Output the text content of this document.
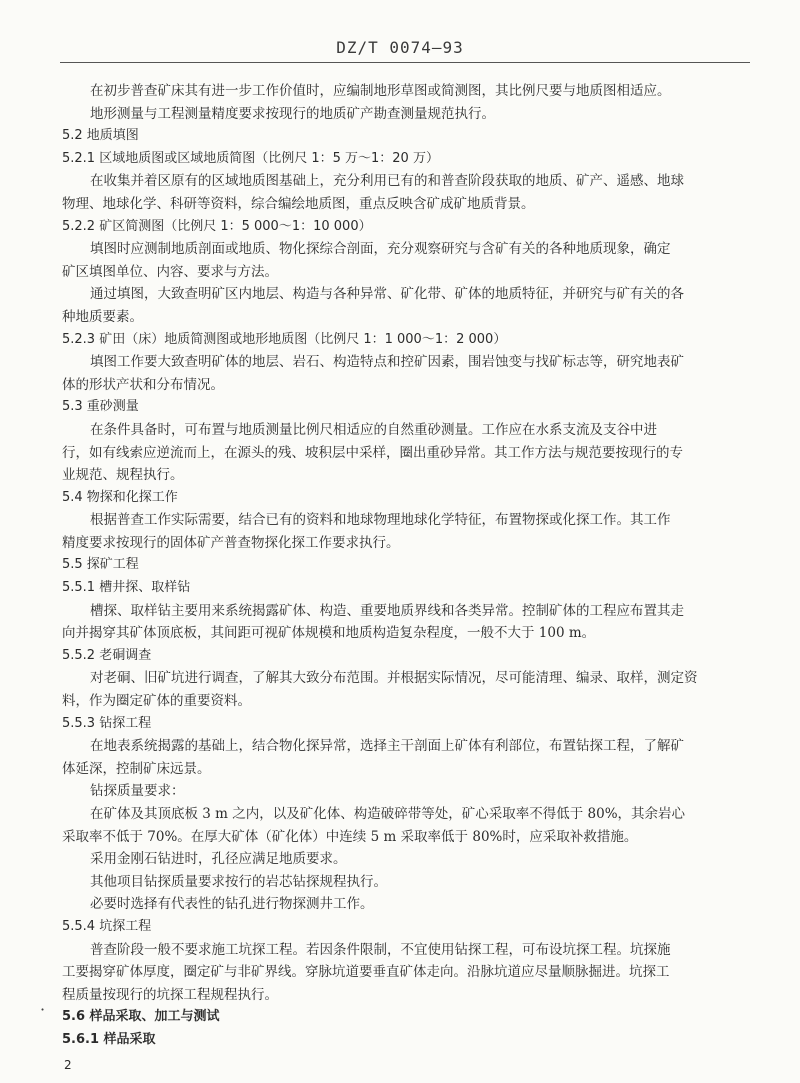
DZ/T 0074—93
在初步普查矿床其有进一步工作价值时，应编制地形草图或简测图，其比例尺要与地质图相适应。
地形测量与工程测量精度要求按现行的地质矿产勘查测量规范执行。
5.2 地质填图
5.2.1 区域地质图或区域地质简图（比例尺 1：5 万～1：20 万）
在收集并着区原有的区域地质图基础上，充分利用已有的和普查阶段获取的地质、矿产、遥感、地球
物理、地球化学、科研等资料，综合编绘地质图，重点反映含矿成矿地质背景。
5.2.2 矿区简测图（比例尺 1：5 000～1：10 000）
填图时应测制地质剖面或地质、物化探综合剖面，充分观察研究与含矿有关的各种地质现象，确定
矿区填图单位、内容、要求与方法。
通过填图，大致查明矿区内地层、构造与各种异常、矿化带、矿体的地质特征，并研究与矿有关的各
种地质要素。
5.2.3 矿田（床）地质简测图或地形地质图（比例尺 1：1 000～1：2 000）
填图工作要大致查明矿体的地层、岩石、构造特点和控矿因素，围岩蚀变与找矿标志等，研究地表矿
体的形状产状和分布情况。
5.3 重砂测量
在条件具备时，可布置与地质测量比例尺相适应的自然重砂测量。工作应在水系支流及支谷中进
行，如有线索应逆流而上，在源头的残、坡积层中采样，圈出重砂异常。其工作方法与规范要按现行的专
业规范、规程执行。
5.4 物探和化探工作
根据普查工作实际需要，结合已有的资料和地球物理地球化学特征，布置物探或化探工作。其工作
精度要求按现行的固体矿产普查物探化探工作要求执行。
5.5 探矿工程
5.5.1 槽井探、取样钻
槽探、取样钻主要用来系统揭露矿体、构造、重要地质界线和各类异常。控制矿体的工程应布置其走
向并揭穿其矿体顶底板，其间距可视矿体规模和地质构造复杂程度，一般不大于 100 m。
5.5.2 老硐调查
对老硐、旧矿坑进行调查，了解其大致分布范围。并根据实际情况，尽可能清理、编录、取样，测定资
料，作为圈定矿体的重要资料。
5.5.3 钻探工程
在地表系统揭露的基础上，结合物化探异常，选择主干剖面上矿体有利部位，布置钻探工程，了解矿
体延深，控制矿床远景。
钻探质量要求：
在矿体及其顶底板 3 m 之内，以及矿化体、构造破碎带等处，矿心采取率不得低于 80%，其余岩心
采取率不低于 70%。在厚大矿体（矿化体）中连续 5 m 采取率低于 80%时，应采取补救措施。
采用金刚石钻进时，孔径应满足地质要求。
其他项目钻探质量要求按行的岩芯钻探规程执行。
必要时选择有代表性的钻孔进行物探测井工作。
5.5.4 坑探工程
普查阶段一般不要求施工坑探工程。若因条件限制，不宜使用钻探工程，可布设坑探工程。坑探施
工要揭穿矿体厚度，圈定矿与非矿界线。穿脉坑道要垂直矿体走向。沿脉坑道应尽量顺脉掘进。坑探工
程质量按现行的坑探工程规程执行。
5.6 样品采取、加工与测试
5.6.1 样品采取
·
2
